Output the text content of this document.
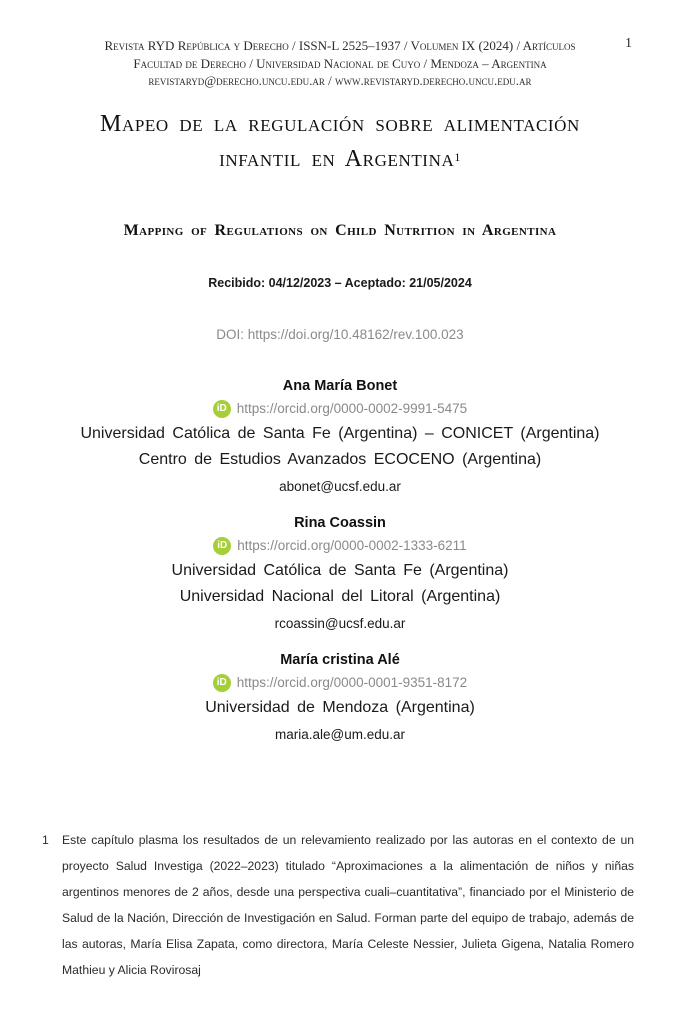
Revista RYD República y Derecho / ISSN-L 2525–1937 / Volumen IX (2024) / Artículos
Facultad de Derecho / Universidad Nacional de Cuyo / Mendoza – Argentina
revistaryd@derecho.uncu.edu.ar / www.revistaryd.derecho.uncu.edu.ar
1
Mapeo de la regulación sobre alimentación
infantil en Argentina$^1$
Mapping of Regulations on Child Nutrition in Argentina
Recibido: 04/12/2023 – Aceptado: 21/05/2024
DOI: https://doi.org/10.48162/rev.100.023
Ana María Bonet
iD https://orcid.org/0000-0002-9991-5475
Universidad Católica de Santa Fe (Argentina) – CONICET (Argentina)
Centro de Estudios Avanzados ECOCENO (Argentina)
abonet@ucsf.edu.ar
Rina Coassin
iD https://orcid.org/0000-0002-1333-6211
Universidad Católica de Santa Fe (Argentina)
Universidad Nacional del Litoral (Argentina)
rcoassin@ucsf.edu.ar
María cristina Alé
iD https://orcid.org/0000-0001-9351-8172
Universidad de Mendoza (Argentina)
maria.ale@um.edu.ar
1 Este capítulo plasma los resultados de un relevamiento realizado por las autoras en el contexto de un proyecto Salud Investiga (2022–2023) titulado “Aproximaciones a la alimentación de niños y niñas argentinos menores de 2 años, desde una perspectiva cuali–cuantitativa”, financiado por el Ministerio de Salud de la Nación, Dirección de Investigación en Salud. Forman parte del equipo de trabajo, además de las autoras, María Elisa Zapata, como directora, María Celeste Nessier, Julieta Gigena, Natalia Romero Mathieu y Alicia Rovirosaj
